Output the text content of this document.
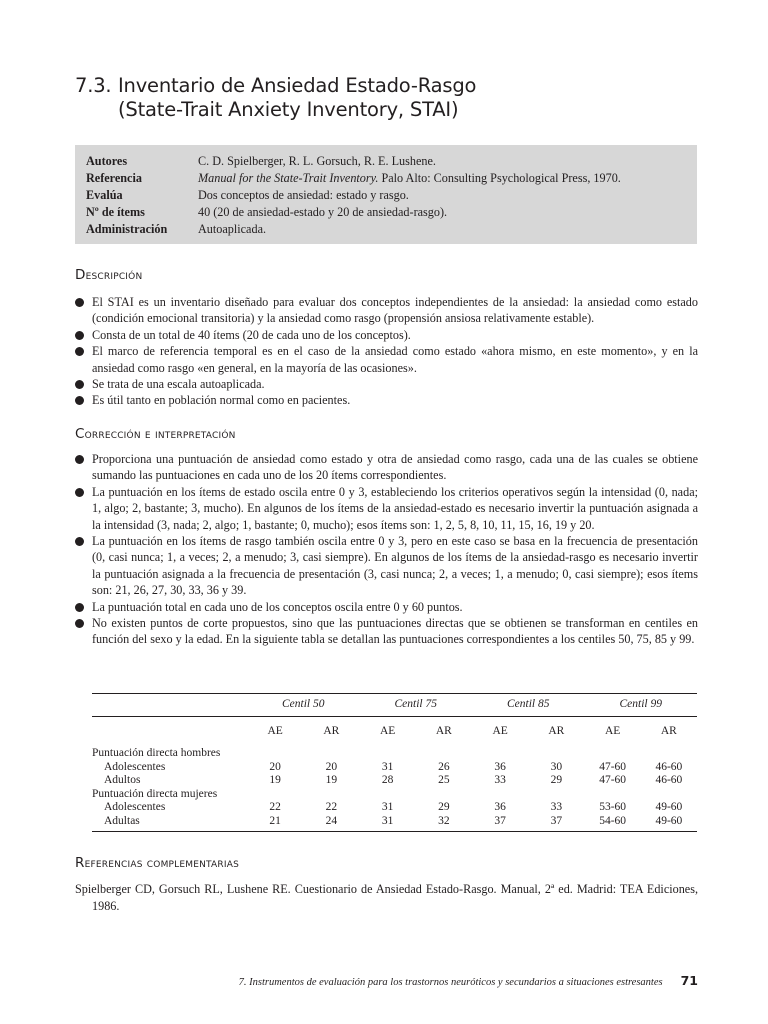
7.3. Inventario de Ansiedad Estado-Rasgo
(State-Trait Anxiety Inventory, STAI)
Autores	C. D. Spielberger, R. L. Gorsuch, R. E. Lushene.
Referencia	Manual for the State-Trait Inventory. Palo Alto: Consulting Psychological Press, 1970.
Evalúa	Dos conceptos de ansiedad: estado y rasgo.
Nº de ítems	40 (20 de ansiedad-estado y 20 de ansiedad-rasgo).
Administración	Autoaplicada.
Descripción
El STAI es un inventario diseñado para evaluar dos conceptos independientes de la ansiedad: la ansiedad como estado (condición emocional transitoria) y la ansiedad como rasgo (propensión ansiosa relativamente estable).
Consta de un total de 40 ítems (20 de cada uno de los conceptos).
El marco de referencia temporal es en el caso de la ansiedad como estado «ahora mismo, en este momento», y en la ansiedad como rasgo «en general, en la mayoría de las ocasiones».
Se trata de una escala autoaplicada.
Es útil tanto en población normal como en pacientes.
Corrección e interpretación
Proporciona una puntuación de ansiedad como estado y otra de ansiedad como rasgo, cada una de las cuales se obtiene sumando las puntuaciones en cada uno de los 20 ítems correspondientes.
La puntuación en los ítems de estado oscila entre 0 y 3, estableciendo los criterios operativos según la intensidad (0, nada; 1, algo; 2, bastante; 3, mucho). En algunos de los ítems de la ansiedad-estado es necesario invertir la puntuación asignada a la intensidad (3, nada; 2, algo; 1, bastante; 0, mucho); esos ítems son: 1, 2, 5, 8, 10, 11, 15, 16, 19 y 20.
La puntuación en los ítems de rasgo también oscila entre 0 y 3, pero en este caso se basa en la frecuencia de presentación (0, casi nunca; 1, a veces; 2, a menudo; 3, casi siempre). En algunos de los ítems de la ansiedad-rasgo es necesario invertir la puntuación asignada a la frecuencia de presentación (3, casi nunca; 2, a veces; 1, a menudo; 0, casi siempre); esos ítems son: 21, 26, 27, 30, 33, 36 y 39.
La puntuación total en cada uno de los conceptos oscila entre 0 y 60 puntos.
No existen puntos de corte propuestos, sino que las puntuaciones directas que se obtienen se transforman en centiles en función del sexo y la edad. En la siguiente tabla se detallan las puntuaciones correspondientes a los centiles 50, 75, 85 y 99.
	Centil 50		Centil 75		Centil 85		Centil 99	
	AE	AR	AE	AR	AE	AR	AE	AR
Puntuación directa hombres								
Adolescentes	20	20	31	26	36	30	47-60	46-60
Adultos	19	19	28	25	33	29	47-60	46-60
Puntuación directa mujeres								
Adolescentes	22	22	31	29	36	33	53-60	49-60
Adultas	21	24	31	32	37	37	54-60	49-60
Referencias complementarias

Spielberger CD, Gorsuch RL, Lushene RE. Cuestionario de Ansiedad Estado-Rasgo. Manual, 2ª ed. Madrid: TEA Ediciones, 1986.

7. Instrumentos de evaluación para los trastornos neuróticos y secundarios a situaciones estresantes 71
